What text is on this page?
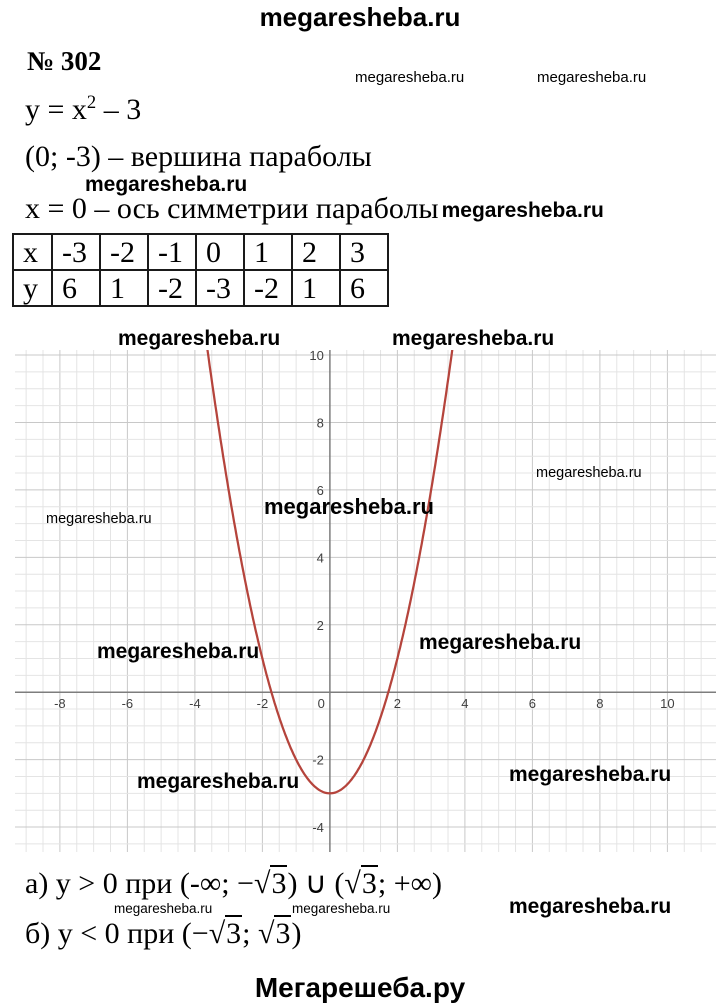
megaresheba.ru
№ 302
$y = x^2 - 3$
(0; -3) – вершина параболы
x = 0 – ось симметрии параболы megaresheba.ru
x	-3	-2	-1	0	1	2	3
y	6	1	-2	-3	-2	1	6
-8	-6	-4	-2	0	2	4	6	8	10
10
8
6
4
2
-2
-4
megaresheba.ru	megaresheba.ru
megaresheba.ru
megaresheba.ru	megaresheba.ru
megaresheba.ru
megaresheba.ru	megaresheba.ru
megaresheba.ru	megaresheba.ru
megaresheba.ru	megaresheba.ru
megaresheba.ru	megaresheba.ru	megaresheba.ru
а) y > 0 при (-∞; −√3) ∪ (√3; +∞)
б) y < 0 при (−√3; √3)
Мегарешеба.ру
